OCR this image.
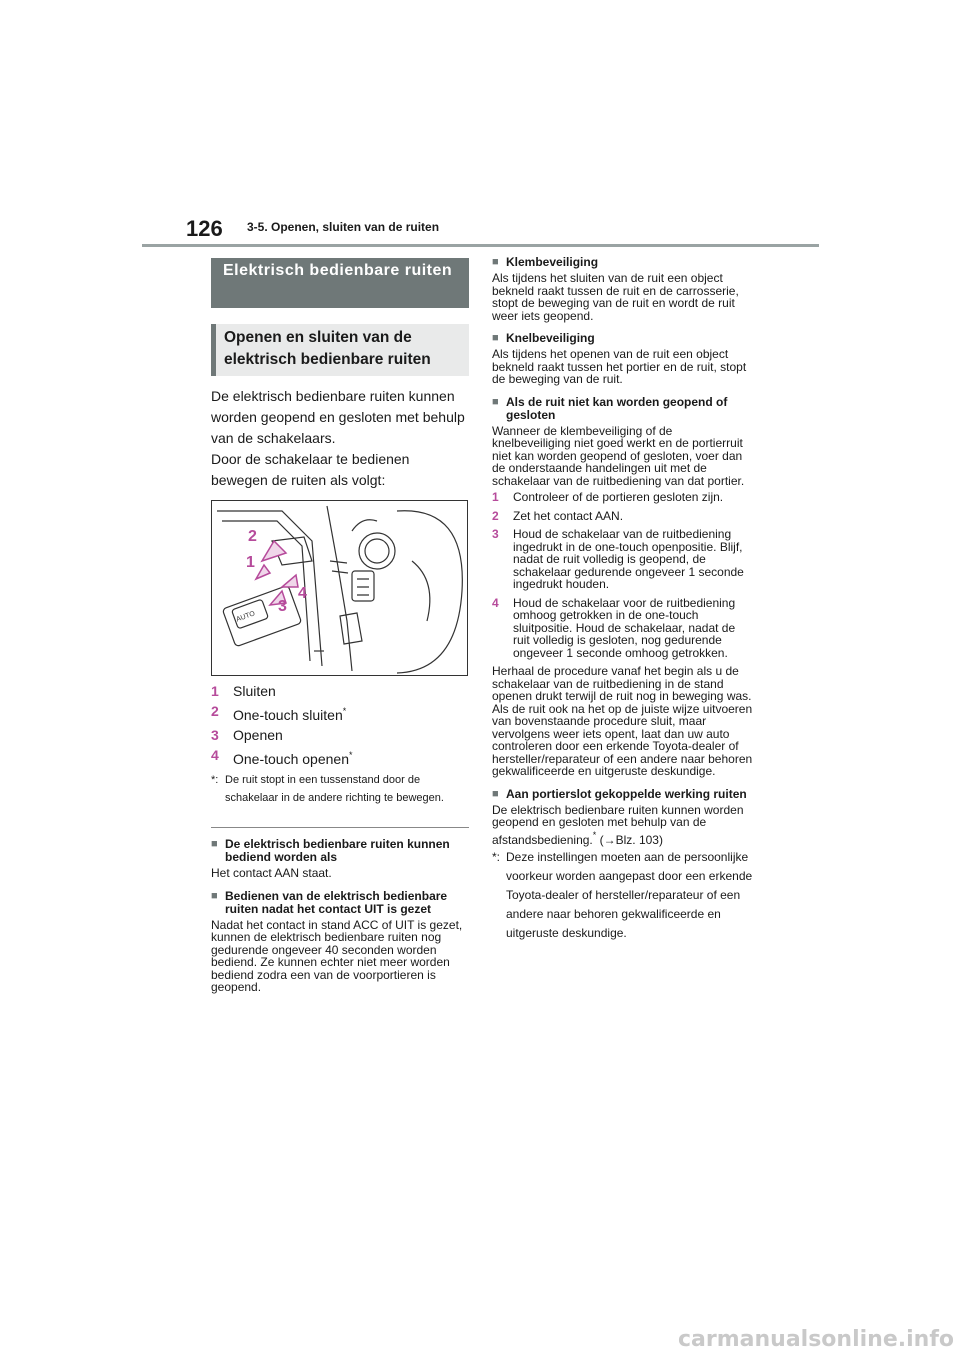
126 3-5. Openen, sluiten van de ruiten
Elektrisch bedienbare ruiten
Openen en sluiten van de elektrisch bedienbare ruiten
De elektrisch bedienbare ruiten kunnen worden geopend en gesloten met behulp van de schakelaars.
Door de schakelaar te bedienen bewegen de ruiten als volgt:
2
1
3
4
AUTO
1	Sluiten
2	One-touch sluiten*
3	Openen
4	One-touch openen*
*: De ruit stopt in een tussenstand door de schakelaar in de andere richting te bewegen.
■ De elektrisch bedienbare ruiten kunnen bediend worden als
Het contact AAN staat.
■ Bedienen van de elektrisch bedienbare ruiten nadat het contact UIT is gezet
Nadat het contact in stand ACC of UIT is gezet, kunnen de elektrisch bedienbare ruiten nog gedurende ongeveer 40 seconden worden bediend. Ze kunnen echter niet meer worden bediend zodra een van de voorportieren is geopend.
■ Klembeveiliging
Als tijdens het sluiten van de ruit een object bekneld raakt tussen de ruit en de carrosserie, stopt de beweging van de ruit en wordt de ruit weer iets geopend.
■ Knelbeveiliging
Als tijdens het openen van de ruit een object bekneld raakt tussen het portier en de ruit, stopt de beweging van de ruit.
■ Als de ruit niet kan worden geopend of gesloten
Wanneer de klembeveiliging of de knelbeveiliging niet goed werkt en de portierruit niet kan worden geopend of gesloten, voer dan de onderstaande handelingen uit met de schakelaar van de ruitbediening van dat portier.
1	Controleer of de portieren gesloten zijn.
2	Zet het contact AAN.
3	Houd de schakelaar van de ruitbediening ingedrukt in de one-touch openpositie. Blijf, nadat de ruit volledig is geopend, de schakelaar gedurende ongeveer 1 seconde ingedrukt houden.
4	Houd de schakelaar voor de ruitbediening omhoog getrokken in de one-touch sluitpositie. Houd de schakelaar, nadat de ruit volledig is gesloten, nog gedurende ongeveer 1 seconde omhoog getrokken.
Herhaal de procedure vanaf het begin als u de schakelaar van de ruitbediening in de stand openen drukt terwijl de ruit nog in beweging was. Als de ruit ook na het op de juiste wijze uitvoeren van bovenstaande procedure sluit, maar vervolgens weer iets opent, laat dan uw auto controleren door een erkende Toyota-dealer of hersteller/reparateur of een andere naar behoren gekwalificeerde en uitgeruste deskundige.
■ Aan portierslot gekoppelde werking ruiten
De elektrisch bedienbare ruiten kunnen worden geopend en gesloten met behulp van de afstandsbediening.* (→Blz. 103)
*: Deze instellingen moeten aan de persoonlijke voorkeur worden aangepast door een erkende Toyota-dealer of hersteller/reparateur of een andere naar behoren gekwalificeerde en uitgeruste deskundige.
carmanualsonline.info
